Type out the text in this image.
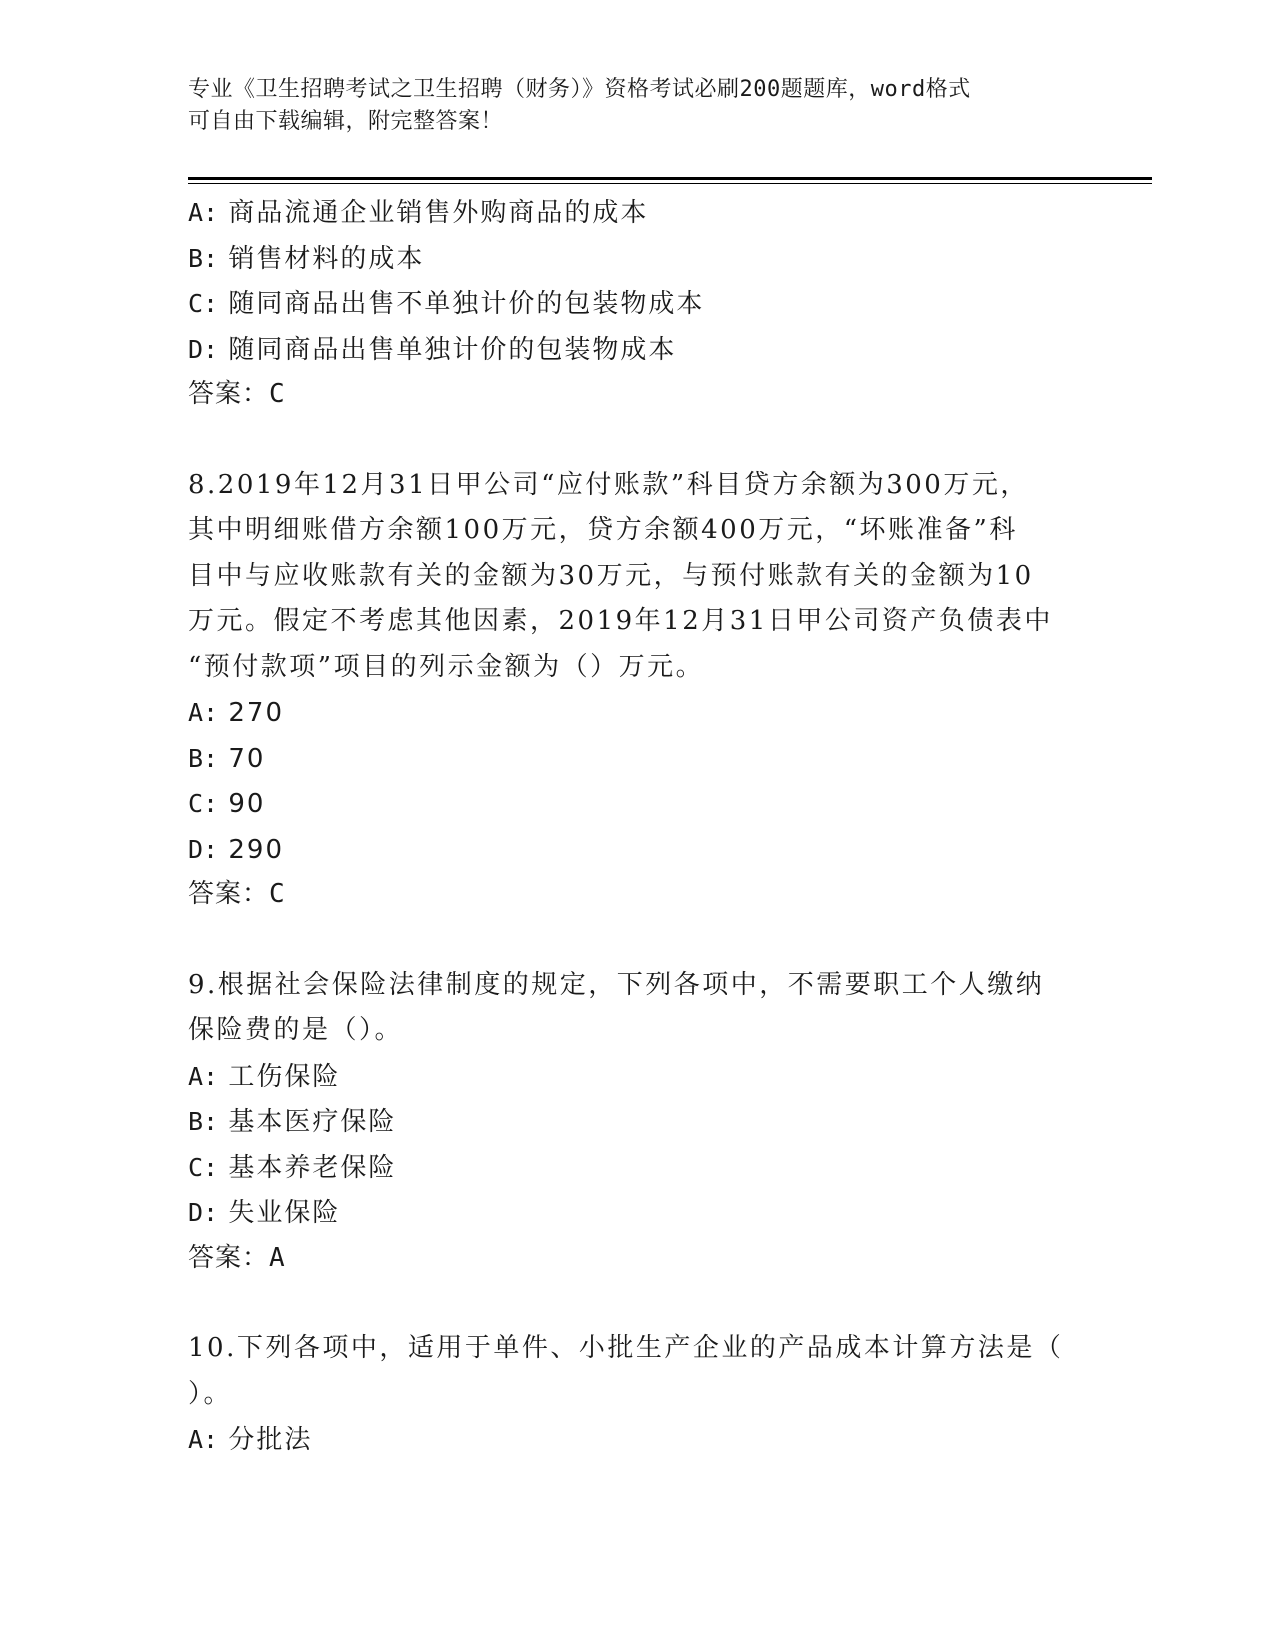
专业《卫生招聘考试之卫生招聘（财务）》资格考试必刷200题题库，word格式
可自由下载编辑，附完整答案！
A: 商品流通企业销售外购商品的成本
B: 销售材料的成本
C: 随同商品出售不单独计价的包装物成本
D: 随同商品出售单独计价的包装物成本
答案：C
8.2019年12月31日甲公司“应付账款”科目贷方余额为300万元，
其中明细账借方余额100万元，贷方余额400万元，“坏账准备”科
目中与应收账款有关的金额为30万元，与预付账款有关的金额为10
万元。假定不考虑其他因素，2019年12月31日甲公司资产负债表中
“预付款项”项目的列示金额为（）万元。
A: 270
B: 70
C: 90
D: 290
答案：C
9.根据社会保险法律制度的规定，下列各项中，不需要职工个人缴纳
保险费的是（）。
A: 工伤保险
B: 基本医疗保险
C: 基本养老保险
D: 失业保险
答案：A
10.下列各项中，适用于单件、小批生产企业的产品成本计算方法是（
）。
A: 分批法
